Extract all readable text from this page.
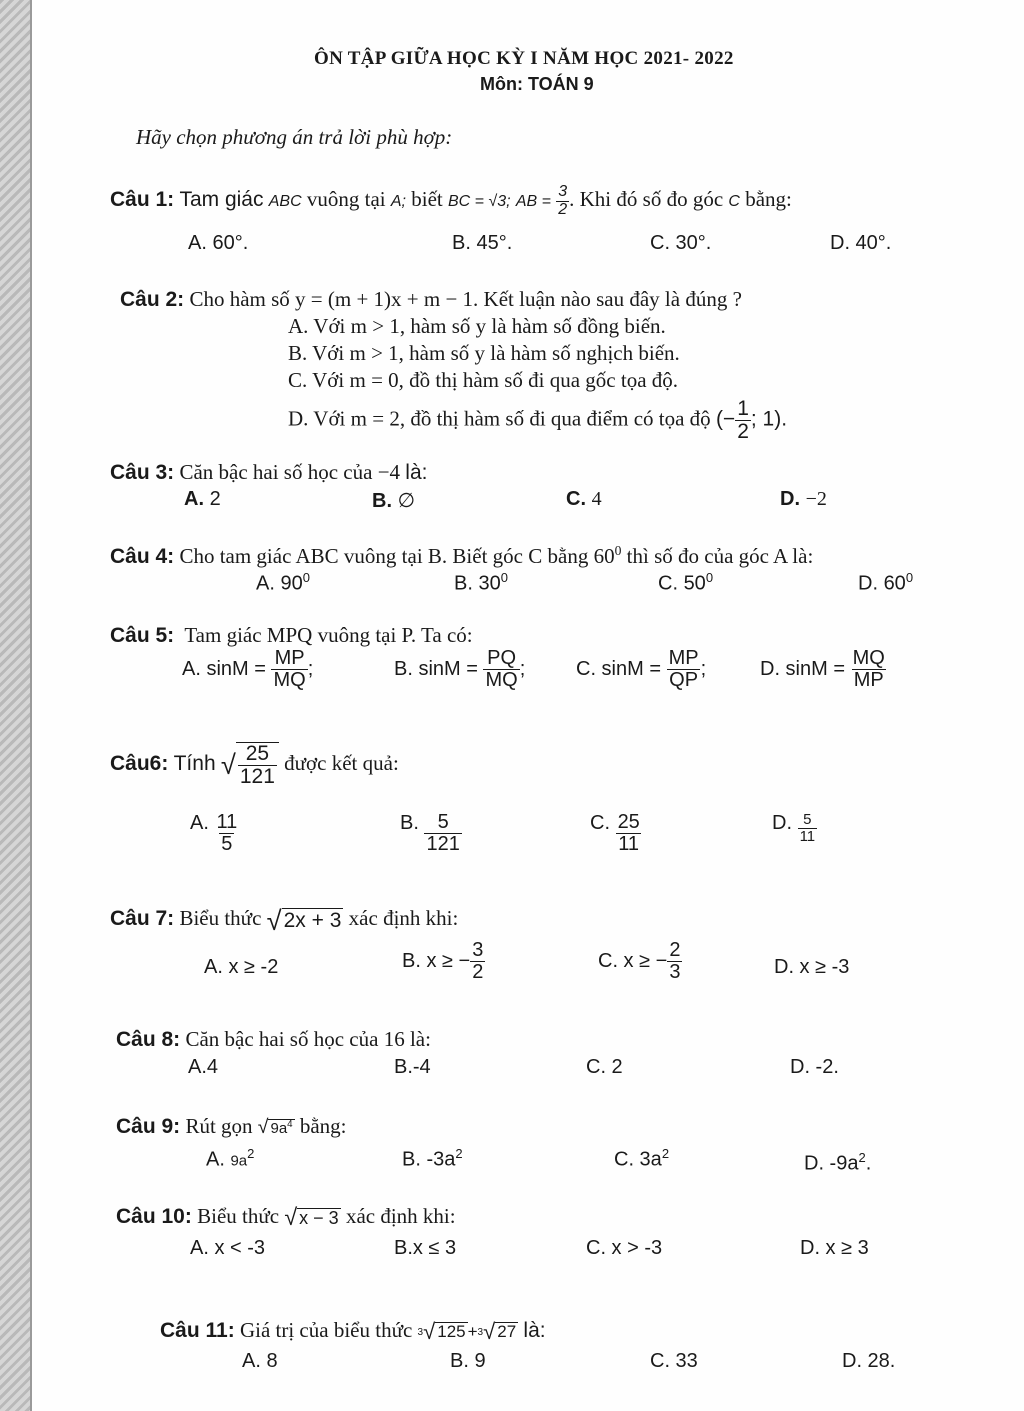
ÔN TẬP GIỮA HỌC KỲ I NĂM HỌC 2021- 2022
Môn: TOÁN 9
Hãy chọn phương án trả lời phù hợp:
Câu 1: Tam giác ABC vuông tại A; biết BC = √3; AB = $\frac{3}{2}$ . Khi đó số đo góc C bằng:
A. 60°.	B. 45°.	C. 30°.	D. 40°.
Câu 2: Cho hàm số y = (m + 1)x + m − 1. Kết luận nào sau đây là đúng ?
A. Với m > 1, hàm số y là hàm số đồng biến.
B. Với m > 1, hàm số y là hàm số nghịch biến.
C. Với m = 0, đồ thị hàm số đi qua gốc tọa độ.
D. Với m = 2, đồ thị hàm số đi qua điểm có tọa độ (− $\frac{1}{2}$ ; 1).
Câu 3: Căn bậc hai số học của −4 là:
A. 2	B. ∅	C. 4	D. −2
Câu 4: Cho tam giác ABC vuông tại B. Biết góc C bằng $60^0$ thì số đo của góc A là:
A. $90^0$	B. $30^0$	C. $50^0$	D. $60^0$
Câu 5: Tam giác MPQ vuông tại P. Ta có:
A. $\sin M = \frac{MP}{MQ}$ ;	B. $\sin M = \frac{PQ}{MQ}$ ;	C. $\sin M = \frac{MP}{QP}$ ;	D. $\sin M = \frac{MQ}{MP}$
Câu6: Tính √ $\frac{25}{121}$ được kết quả:
A. $\frac{11}{5}$	B. $\frac{5}{121}$	C. $\frac{25}{11}$	D. $\frac{5}{11}$
Câu 7: Biểu thức √ 2x + 3 xác định khi:
A. x ≥ -2	B. x ≥ − $\frac{3}{2}$	C. x ≥ − $\frac{2}{3}$	D. x ≥ -3
Câu 8: Căn bậc hai số học của 16 là:
A.4	B.-4	C. 2	D. -2.
Câu 9: Rút gọn √ $9a^4$ bằng:
A. $9a^2$	B. $-3a^2$	C. $3a^2$	D. $-9a^2$.
Câu 10: Biểu thức √ x − 3 xác định khi:
A. x < -3	B.x ≤ 3	C. x > -3	D. x ≥ 3
Câu 11: Giá trị của biểu thức 3 √ 125 + 3 √ 27 là:
A. 8	B. 9	C. 33	D. 28.
